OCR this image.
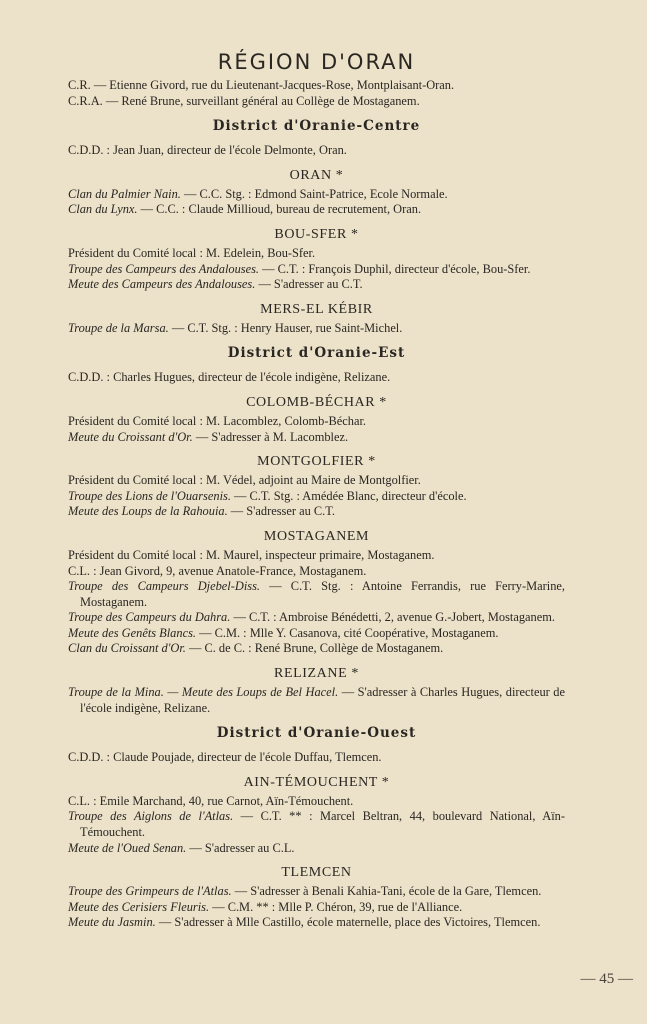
RÉGION D'ORAN

C.R. — Etienne Givord, rue du Lieutenant-Jacques-Rose, Montplaisant-Oran.

C.R.A. — René Brune, surveillant général au Collège de Mostaganem.

District d'Oranie-Centre

C.D.D. : Jean Juan, directeur de l'école Delmonte, Oran.

ORAN *

Clan du Palmier Nain. — C.C. Stg. : Edmond Saint-Patrice, Ecole Normale.

Clan du Lynx. — C.C. : Claude Millioud, bureau de recrutement, Oran.

BOU-SFER *

Président du Comité local : M. Edelein, Bou-Sfer.

Troupe des Campeurs des Andalouses. — C.T. : François Duphil, directeur d'école, Bou-Sfer.

Meute des Campeurs des Andalouses. — S'adresser au C.T.

MERS-EL KÉBIR

Troupe de la Marsa. — C.T. Stg. : Henry Hauser, rue Saint-Michel.

District d'Oranie-Est

C.D.D. : Charles Hugues, directeur de l'école indigène, Relizane.

COLOMB-BÉCHAR *

Président du Comité local : M. Lacomblez, Colomb-Béchar.

Meute du Croissant d'Or. — S'adresser à M. Lacomblez.

MONTGOLFIER *

Président du Comité local : M. Védel, adjoint au Maire de Montgolfier.

Troupe des Lions de l'Ouarsenis. — C.T. Stg. : Amédée Blanc, directeur d'école.

Meute des Loups de la Rahouia. — S'adresser au C.T.

MOSTAGANEM

Président du Comité local : M. Maurel, inspecteur primaire, Mostaganem.

C.L. : Jean Givord, 9, avenue Anatole-France, Mostaganem.

Troupe des Campeurs Djebel-Diss. — C.T. Stg. : Antoine Ferrandis, rue Ferry-Marine, Mostaganem.

Troupe des Campeurs du Dahra. — C.T. : Ambroise Bénédetti, 2, avenue G.-Jobert, Mostaganem.

Meute des Genêts Blancs. — C.M. : Mlle Y. Casanova, cité Coopérative, Mostaganem.

Clan du Croissant d'Or. — C. de C. : René Brune, Collège de Mostaganem.

RELIZANE *

Troupe de la Mina. — Meute des Loups de Bel Hacel. — S'adresser à Charles Hugues, directeur de l'école indigène, Relizane.

District d'Oranie-Ouest

C.D.D. : Claude Poujade, directeur de l'école Duffau, Tlemcen.

AIN-TÉMOUCHENT *

C.L. : Emile Marchand, 40, rue Carnot, Aïn-Témouchent.

Troupe des Aiglons de l'Atlas. — C.T. ** : Marcel Beltran, 44, boulevard National, Aïn-Témouchent.

Meute de l'Oued Senan. — S'adresser au C.L.

TLEMCEN

Troupe des Grimpeurs de l'Atlas. — S'adresser à Benali Kahia-Tani, école de la Gare, Tlemcen.

Meute des Cerisiers Fleuris. — C.M. ** : Mlle P. Chéron, 39, rue de l'Alliance.

Meute du Jasmin. — S'adresser à Mlle Castillo, école maternelle, place des Victoires, Tlemcen.

— 45 —
